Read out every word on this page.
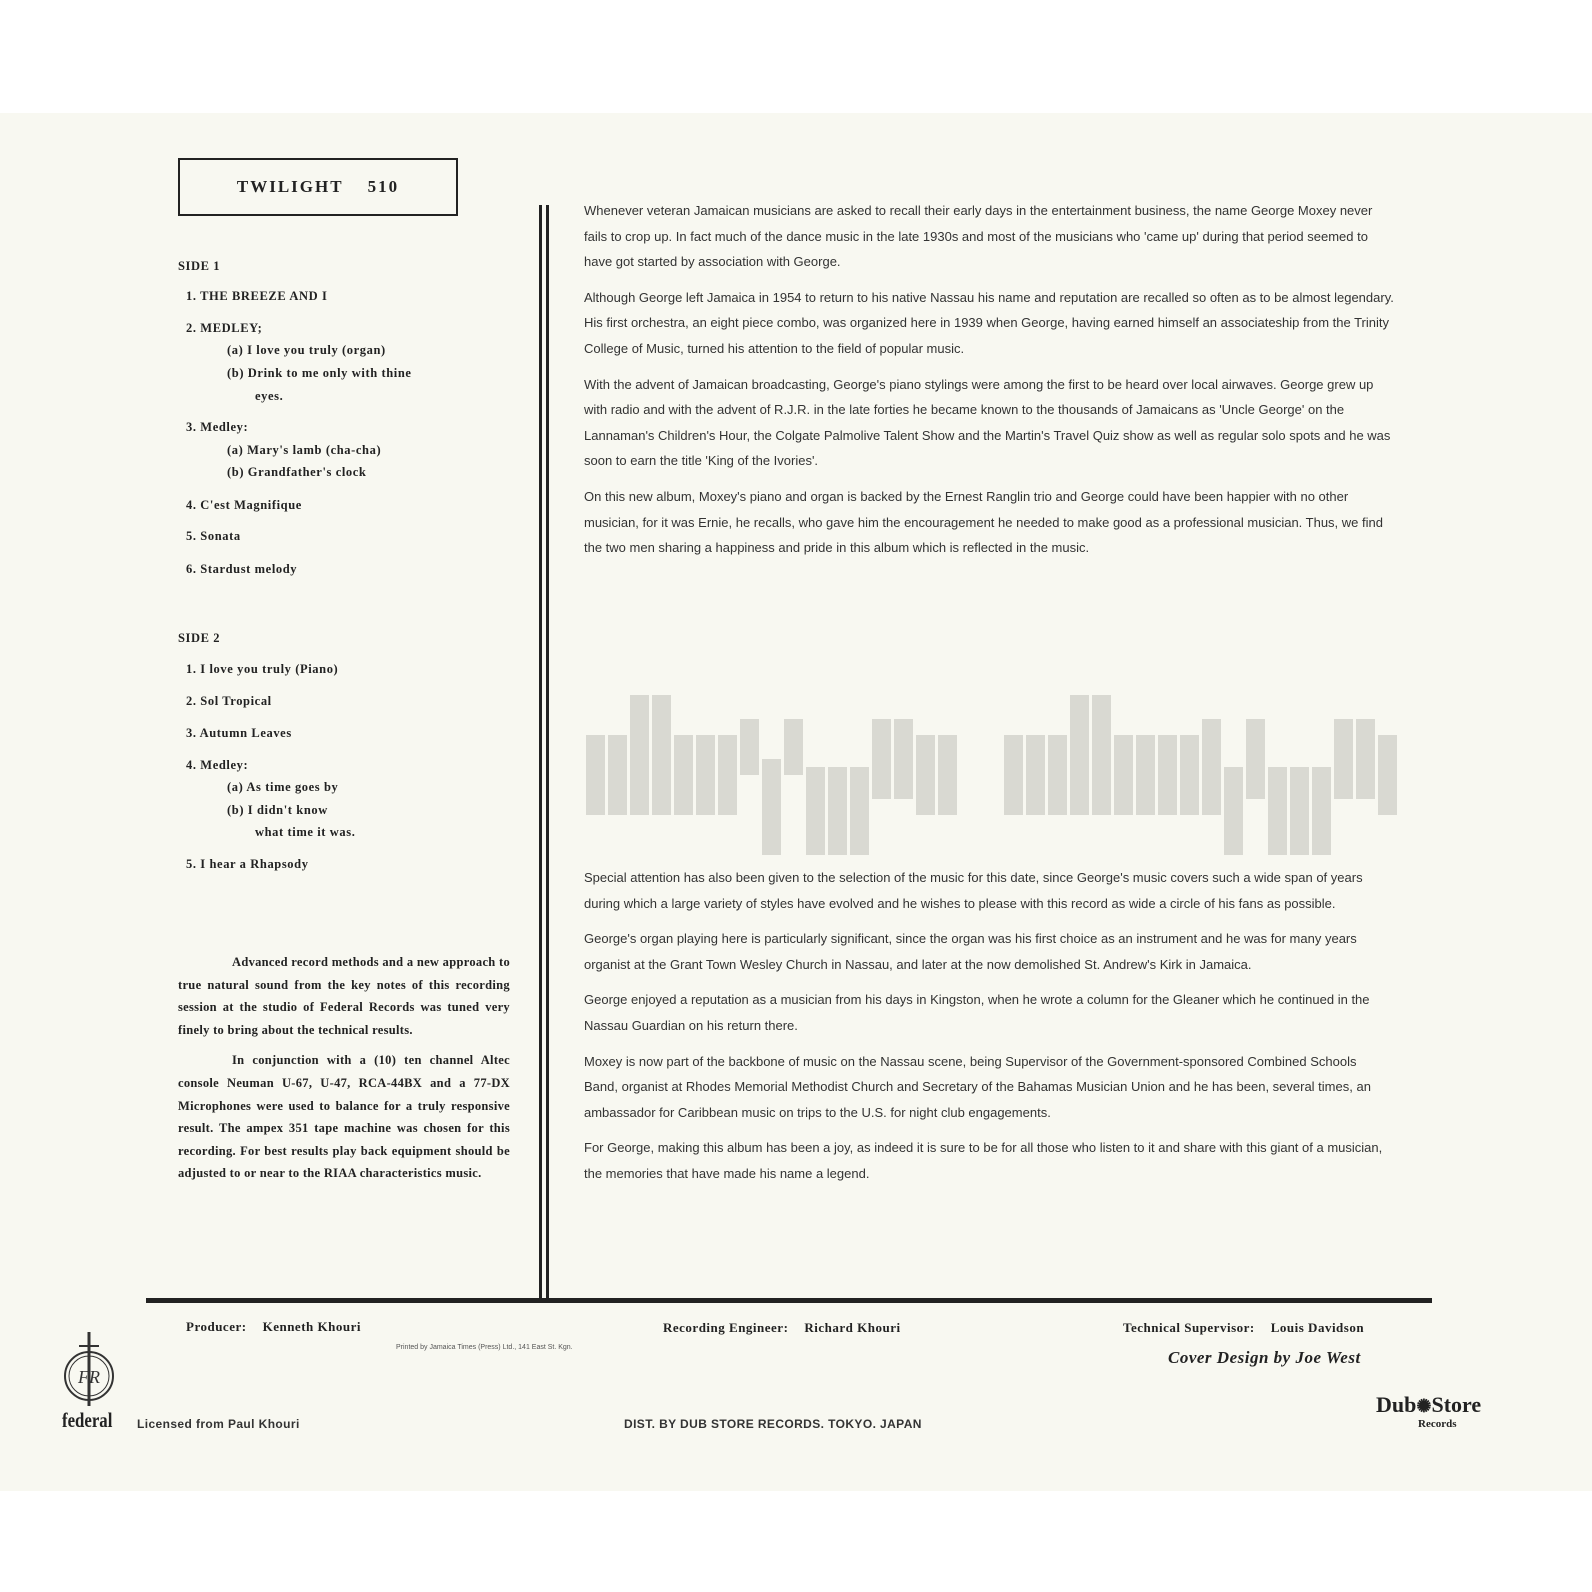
TWILIGHT 510
SIDE 1
1. THE BREEZE AND I
2. MEDLEY;
(a) I love you truly (organ)
(b) Drink to me only with thine
eyes.
3. Medley:
(a) Mary's lamb (cha-cha)
(b) Grandfather's clock
4. C'est Magnifique
5. Sonata
6. Stardust melody
SIDE 2
1. I love you truly (Piano)
2. Sol Tropical
3. Autumn Leaves
4. Medley:
(a) As time goes by
(b) I didn't know
what time it was.
5. I hear a Rhapsody

Advanced record methods and a new approach to true natural sound from the key notes of this recording session at the studio of Federal Records was tuned very finely to bring about the technical results.

In conjunction with a (10) ten channel Altec console Neuman U-67, U-47, RCA-44BX and a 77-DX Microphones were used to balance for a truly responsive result. The ampex 351 tape machine was chosen for this recording. For best results play back equipment should be adjusted to or near to the RIAA characteristics music.

Whenever veteran Jamaican musicians are asked to recall their early days in the entertainment business, the name George Moxey never fails to crop up. In fact much of the dance music in the late 1930s and most of the musicians who 'came up' during that period seemed to have got started by association with George.

Although George left Jamaica in 1954 to return to his native Nassau his name and reputation are recalled so often as to be almost legendary. His first orchestra, an eight piece combo, was organized here in 1939 when George, having earned himself an associateship from the Trinity College of Music, turned his attention to the field of popular music.

With the advent of Jamaican broadcasting, George's piano stylings were among the first to be heard over local airwaves. George grew up with radio and with the advent of R.J.R. in the late forties he became known to the thousands of Jamaicans as 'Uncle George' on the Lannaman's Children's Hour, the Colgate Palmolive Talent Show and the Martin's Travel Quiz show as well as regular solo spots and he was soon to earn the title 'King of the Ivories'.

On this new album, Moxey's piano and organ is backed by the Ernest Ranglin trio and George could have been happier with no other musician, for it was Ernie, he recalls, who gave him the encouragement he needed to make good as a professional musician. Thus, we find the two men sharing a happiness and pride in this album which is reflected in the music.

Special attention has also been given to the selection of the music for this date, since George's music covers such a wide span of years during which a large variety of styles have evolved and he wishes to please with this record as wide a circle of his fans as possible.

George's organ playing here is particularly significant, since the organ was his first choice as an instrument and he was for many years organist at the Grant Town Wesley Church in Nassau, and later at the now demolished St. Andrew's Kirk in Jamaica.

George enjoyed a reputation as a musician from his days in Kingston, when he wrote a column for the Gleaner which he continued in the Nassau Guardian on his return there.

Moxey is now part of the backbone of music on the Nassau scene, being Supervisor of the Government-sponsored Combined Schools Band, organist at Rhodes Memorial Methodist Church and Secretary of the Bahamas Musician Union and he has been, several times, an ambassador for Caribbean music on trips to the U.S. for night club engagements.

For George, making this album has been a joy, as indeed it is sure to be for all those who listen to it and share with this giant of a musician, the memories that have made his name a legend.

Producer: Kenneth Khouri	Recording Engineer: Richard Khouri	Technical Supervisor: Louis Davidson
Printed by Jamaica Times (Press) Ltd., 141 East St. Kgn.
Cover Design by Joe West
FR
federal Licensed from Paul Khouri	DIST. BY DUB STORE RECORDS. TOKYO. JAPAN
Dub✺Store
Records
